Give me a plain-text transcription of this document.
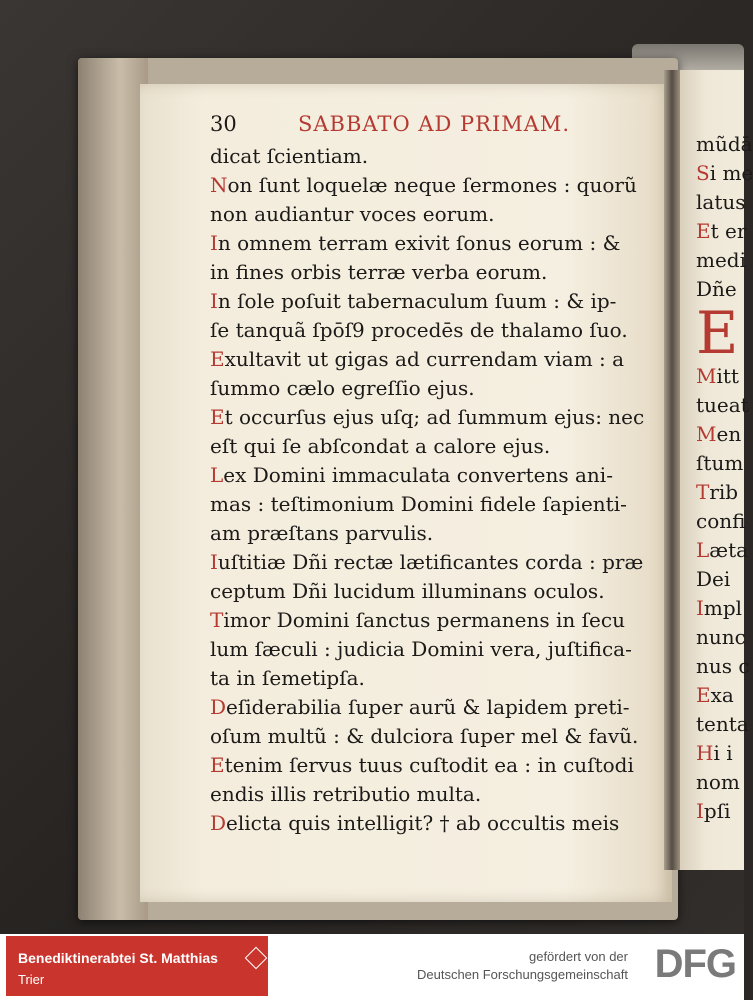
30	SABBATO AD PRIMAM.
dicat ſcientiam.
Non ſunt loquelæ neque ſermones : quorũ
non audiantur voces eorum.
In omnem terram exivit ſonus eorum : &
in fines orbis terræ verba eorum.
In ſole poſuit tabernaculum ſuum : & ip-
ſe tanquã ſpōſ9 procedēs de thalamo ſuo.
Exultavit ut gigas ad currendam viam : a
ſummo cælo egreſſio ejus.
Et occurſus ejus uſq; ad ſummum ejus: nec
eſt qui ſe abſcondat a calore ejus.
Lex Domini immaculata convertens ani-
mas : teſtimonium Domini fidele ſapienti-
am præſtans parvulis.
Iuſtitiæ Dñi rectæ lætificantes corda : præ
ceptum Dñi lucidum illuminans oculos.
Timor Domini ſanctus permanens in ſecu
lum ſæculi : judicia Domini vera, juſtifica-
ta in ſemetipſa.
Deſiderabilia ſuper aurũ & lapidem preti-
oſum multũ : & dulciora ſuper mel & favũ.
Etenim ſervus tuus cuſtodit ea : in cuſtodi
endis illis retributio multa.
Delicta quis intelligit? † ab occultis meis
mũdā
Si me
latus
Et er
medi
Dñe
E
Mitt
tueat
Men
ſtum
Trib
confi
Læta
Dei
Impl
nunc
nus c
Exa
tenta
Hi i
nom
Ipſi
Benediktinerabtei St. Matthias
Trier
gefördert von der
Deutschen Forschungsgemeinschaft DFG
